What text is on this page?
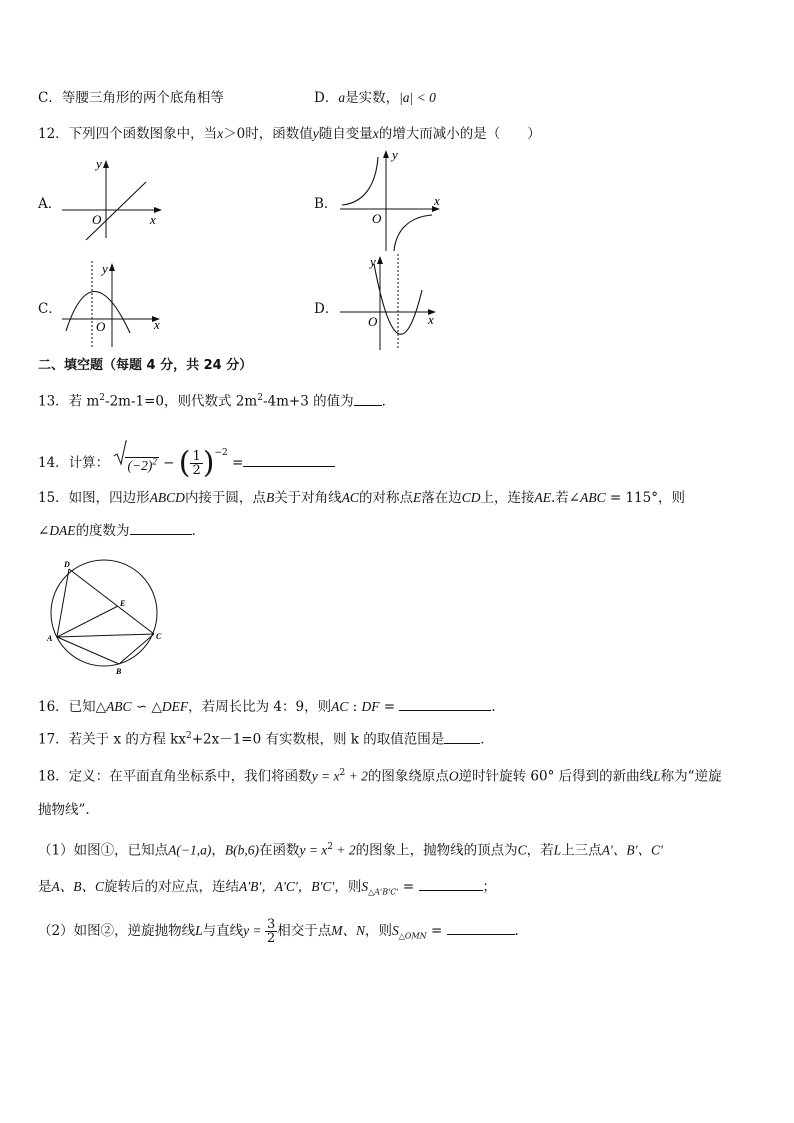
C．等腰三角形的两个底角相等	D．a是实数，|a| < 0
12．下列四个函数图象中，当x＞0时，函数值y随自变量x的增大而减小的是（　　）
A．	B．
C．	D．
y
x
O
y
x
O
y
x
O
y
x
O
二、填空题（每题 4 分，共 24 分）
13．若 $m^2-2m-1=0$，则代数式 $2m^2-4m+3$ 的值为 ．
14．计算： $(-2)^2$ − ( $\frac{1}{2} )^{-2}$ =
15．如图，四边形ABCD内接于圆，点B关于对角线AC的对称点E落在边CD上，连接AE.若∠ABC = 115°，则
∠DAE的度数为	．
D
E
A	C
B
16．已知△ABC ∽ △DEF，若周长比为 4：9，则AC : DF =	．
17．若关于 x 的方程 $kx^2+2x-1=0$ 有实数根，则 k 的取值范围是	．
18．定义：在平面直角坐标系中，我们将函数$y = x^2 + 2$的图象绕原点O逆时针旋转 60° 后得到的新曲线L称为“逆旋
抛物线”.
（1）如图①，已知点A(−1,a)，B(b,6)在函数$y = x^2 + 2$的图象上，抛物线的顶点为C，若L上三点A'、B'、C'
是A、B、C旋转后的对应点，连结A'B'，A'C'，B'C'，则$S_{\triangle A'B'C'}$ =	；
（2）如图②，逆旋抛物线L与直线$y = \frac{3}{2}$ 相交于点M、N，则$S_{\triangle OMN}$ =	．
